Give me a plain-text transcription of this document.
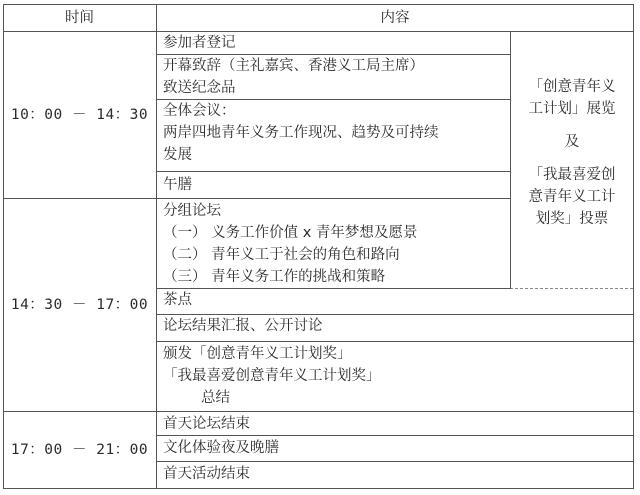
时间	内容
10：00 － 14：30
14：30 － 17：00
17：00 － 21：00
参加者登记
开幕致辞（主礼嘉宾、香港义工局主席）
致送纪念品
全体会议：
两岸四地青年义务工作现况、趋势及可持续
发展
午膳
分组论坛
（一） 义务工作价值 x 青年梦想及愿景
（二） 青年义工于社会的角色和路向
（三） 青年义务工作的挑战和策略
茶点
论坛结果汇报、公开讨论
颁发「创意青年义工计划奖」
「我最喜爱创意青年义工计划奖」
总结
首天论坛结束
文化体验夜及晚膳
首天活动结束
「创意青年义
工计划」展览
及
「我最喜爱创
意青年义工计
划奖」投票
